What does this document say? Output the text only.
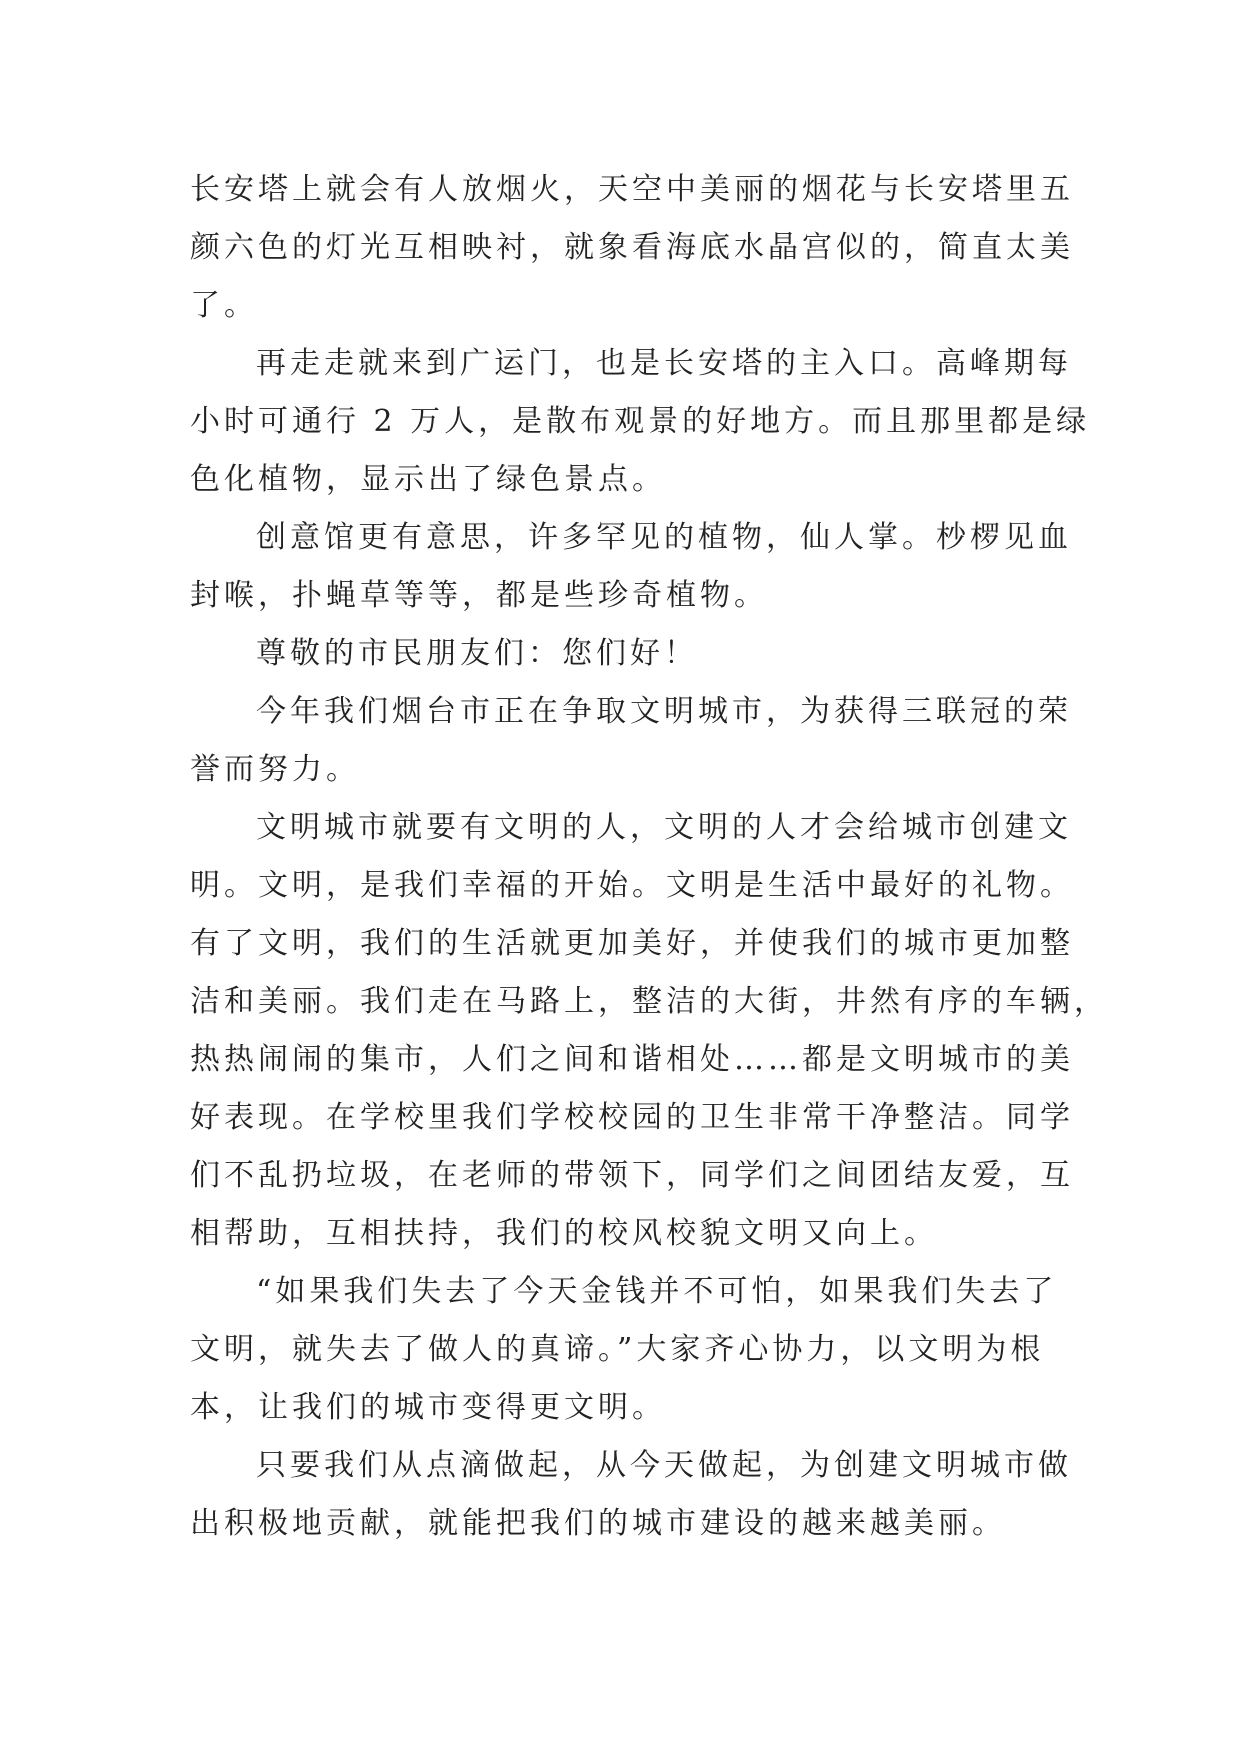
长安塔上就会有人放烟火，天空中美丽的烟花与长安塔里五
颜六色的灯光互相映衬，就象看海底水晶宫似的，简直太美
了。
再走走就来到广运门，也是长安塔的主入口。高峰期每
小时可通行 2 万人，是散布观景的好地方。而且那里都是绿
色化植物，显示出了绿色景点。
创意馆更有意思，许多罕见的植物，仙人掌。杪椤见血
封喉，扑蝇草等等，都是些珍奇植物。
尊敬的市民朋友们：您们好！
今年我们烟台市正在争取文明城市，为获得三联冠的荣
誉而努力。
文明城市就要有文明的人，文明的人才会给城市创建文
明。文明，是我们幸福的开始。文明是生活中最好的礼物。
有了文明，我们的生活就更加美好，并使我们的城市更加整
洁和美丽。我们走在马路上，整洁的大街，井然有序的车辆，
热热闹闹的集市，人们之间和谐相处……都是文明城市的美
好表现。在学校里我们学校校园的卫生非常干净整洁。同学
们不乱扔垃圾，在老师的带领下，同学们之间团结友爱，互
相帮助，互相扶持，我们的校风校貌文明又向上。
“如果我们失去了今天金钱并不可怕，如果我们失去了
文明，就失去了做人的真谛。”大家齐心协力，以文明为根
本，让我们的城市变得更文明。
只要我们从点滴做起，从今天做起，为创建文明城市做
出积极地贡献，就能把我们的城市建设的越来越美丽。
